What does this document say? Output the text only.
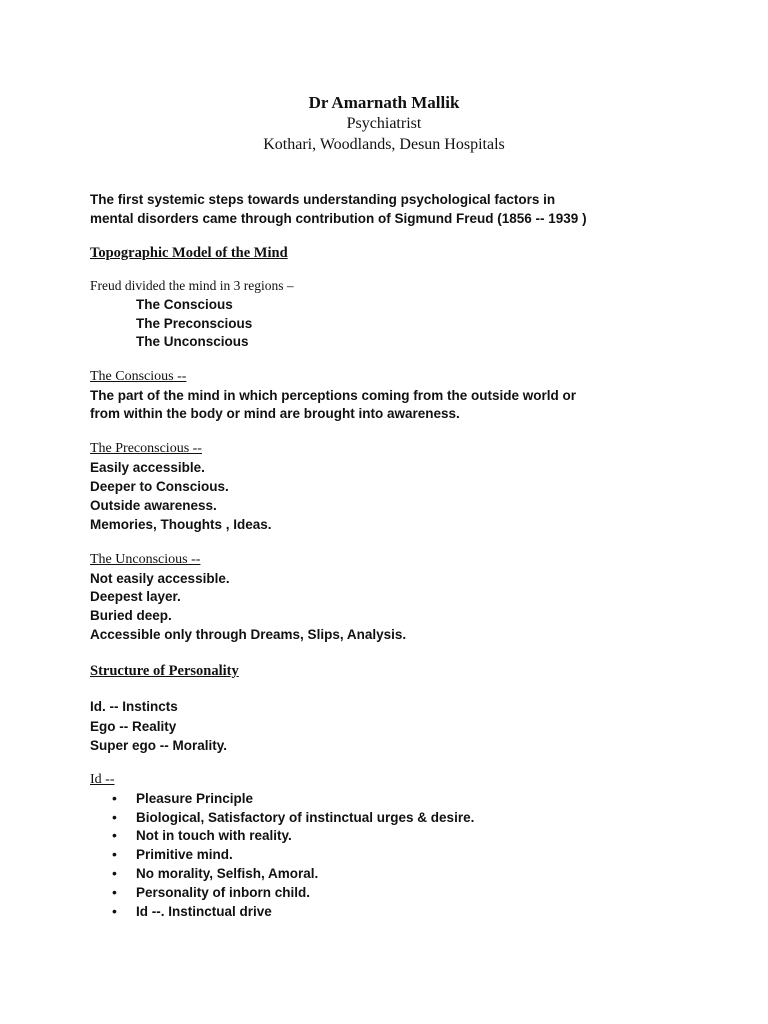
Dr Amarnath Mallik
Psychiatrist
Kothari, Woodlands, Desun Hospitals
The first systemic steps towards understanding psychological factors in
mental disorders came through contribution of Sigmund Freud (1856 -- 1939 )
Topographic Model of the Mind
Freud divided the mind in 3 regions –
The Conscious
The Preconscious
The Unconscious
The Conscious --
The part of the mind in which perceptions coming from the outside world or
from within the body or mind are brought into awareness.
The Preconscious --
Easily accessible.
Deeper to Conscious.
Outside awareness.
Memories, Thoughts , Ideas.
The Unconscious --
Not easily accessible.
Deepest layer.
Buried deep.
Accessible only through Dreams, Slips, Analysis.
Structure of Personality
Id. -- Instincts
Ego -- Reality
Super ego -- Morality.
Id --
• Pleasure Principle
• Biological, Satisfactory of instinctual urges & desire.
• Not in touch with reality.
• Primitive mind.
• No morality, Selfish, Amoral.
• Personality of inborn child.
• Id --. Instinctual drive
